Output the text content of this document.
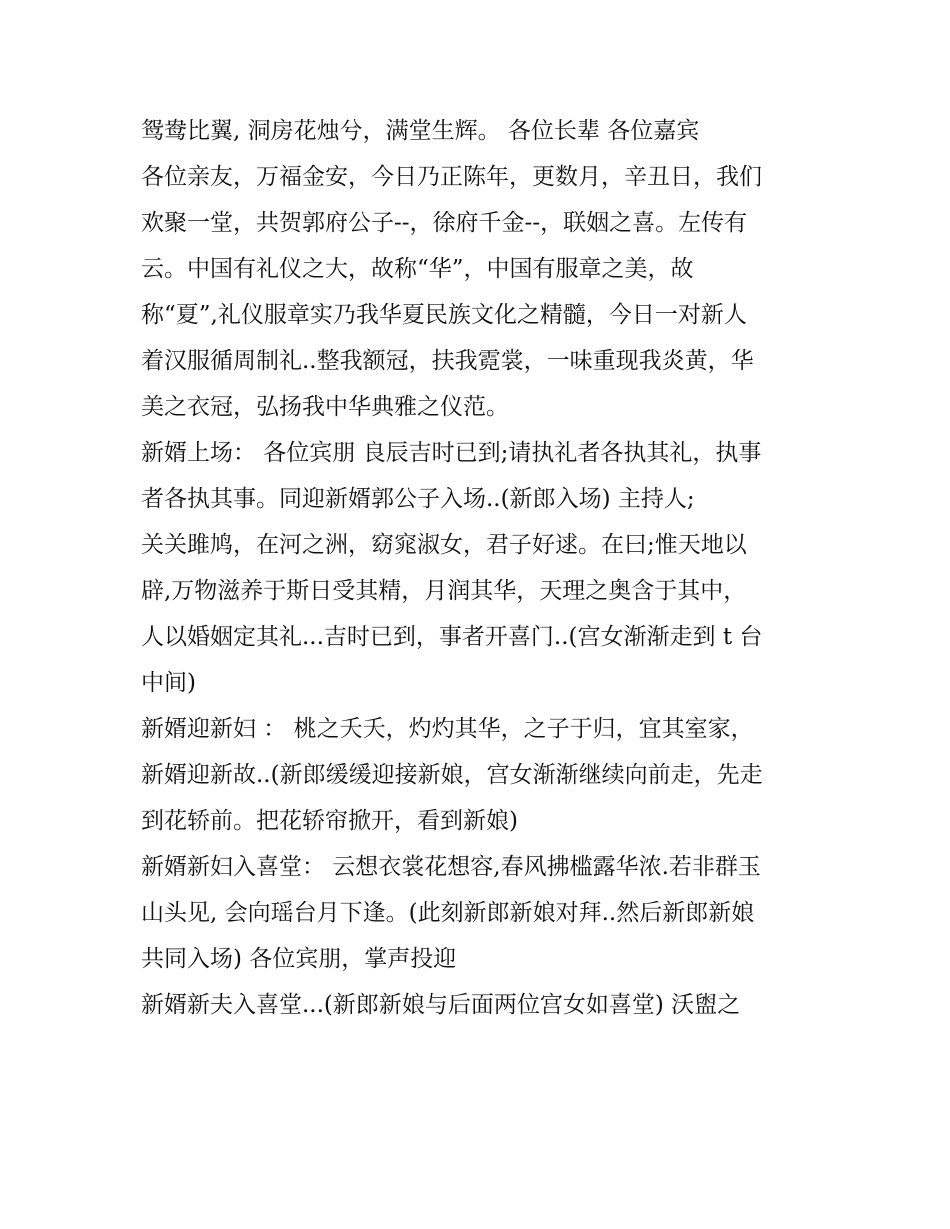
鸳鸯比翼, 洞房花烛兮，满堂生辉。 各位长辈 各位嘉宾
各位亲友，万福金安，今日乃正陈年，更数月，辛丑日，我们
欢聚一堂，共贺郭府公子--，徐府千金--，联姻之喜。左传有
云。中国有礼仪之大，故称“华”，中国有服章之美，故
称“夏”,礼仪服章实乃我华夏民族文化之精髓，今日一对新人
着汉服循周制礼..整我额冠，扶我霓裳，一味重现我炎黄，华
美之衣冠，弘扬我中华典雅之仪范。
新婿上场： 各位宾朋 良辰吉时已到;请执礼者各执其礼，执事
者各执其事。同迎新婿郭公子入场..(新郎入场) 主持人;
关关雎鸠，在河之洲，窈窕淑女，君子好逑。在曰;惟天地以
辟,万物滋养于斯日受其精，月润其华，天理之奥含于其中，
人以婚姻定其礼...吉时已到，事者开喜门..(宫女渐渐走到 t 台
中间)
新婿迎新妇 ： 桃之夭夭，灼灼其华，之子于归，宜其室家，
新婿迎新故..(新郎缓缓迎接新娘，宫女渐渐继续向前走，先走
到花轿前。把花轿帘掀开，看到新娘)
新婿新妇入喜堂： 云想衣裳花想容,春风拂槛露华浓.若非群玉
山头见, 会向瑶台月下逢。(此刻新郎新娘对拜..然后新郎新娘
共同入场) 各位宾朋，掌声投迎
新婿新夫入喜堂...(新郎新娘与后面两位宫女如喜堂) 沃盥之
